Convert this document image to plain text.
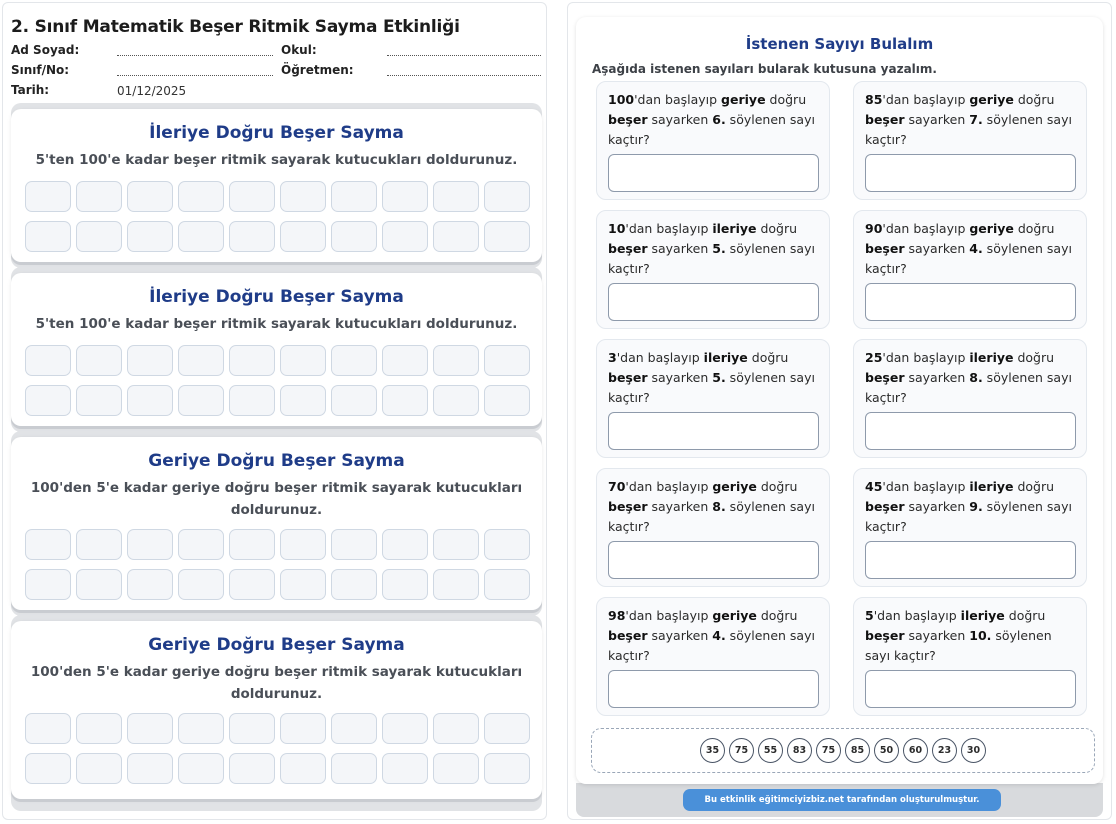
2. Sınıf Matematik Beşer Ritmik Sayma Etkinliği
Ad Soyad:	Okul:
Sınıf/No:	Öğretmen:
Tarih:	01/12/2025
İleriye Doğru Beşer Sayma
5'ten 100'e kadar beşer ritmik sayarak kutucukları doldurunuz.
İleriye Doğru Beşer Sayma
5'ten 100'e kadar beşer ritmik sayarak kutucukları doldurunuz.
Geriye Doğru Beşer Sayma
100'den 5'e kadar geriye doğru beşer ritmik sayarak kutucukları doldurunuz.
Geriye Doğru Beşer Sayma
100'den 5'e kadar geriye doğru beşer ritmik sayarak kutucukları doldurunuz.
İstenen Sayıyı Bulalım
Aşağıda istenen sayıları bularak kutusuna yazalım.
100'dan başlayıp geriye doğru
beşer sayarken 6. söylenen sayı kaçtır?
85'dan başlayıp geriye doğru
beşer sayarken 7. söylenen sayı kaçtır?
10'dan başlayıp ileriye doğru
beşer sayarken 5. söylenen sayı kaçtır?
90'dan başlayıp geriye doğru
beşer sayarken 4. söylenen sayı kaçtır?
3'dan başlayıp ileriye doğru
beşer sayarken 5. söylenen sayı kaçtır?
25'dan başlayıp ileriye doğru
beşer sayarken 8. söylenen sayı kaçtır?
70'dan başlayıp geriye doğru
beşer sayarken 8. söylenen sayı kaçtır?
45'dan başlayıp ileriye doğru
beşer sayarken 9. söylenen sayı kaçtır?
98'dan başlayıp geriye doğru
beşer sayarken 4. söylenen sayı kaçtır?
5'dan başlayıp ileriye doğru
beşer sayarken 10. söylenen sayı kaçtır?
35	75	55	83	75	85	50	60	23	30
Bu etkinlik eğitimciyizbiz.net tarafından oluşturulmuştur.
